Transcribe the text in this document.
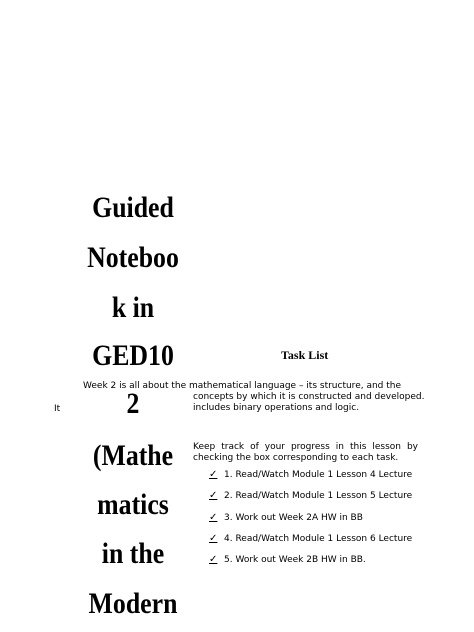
Guided
Noteboo
k in
GED10
2
(Mathe
matics
in the
Modern
It
Task List
Week 2 is all about the mathematical language – its structure, and the
concepts by which it is constructed and developed.
includes binary operations and logic.
Keep track of your progress in this lesson by checking the box corresponding to each task.
✓ 1. Read/Watch Module 1 Lesson 4 Lecture
✓ 2. Read/Watch Module 1 Lesson 5 Lecture
✓ 3. Work out Week 2A HW in BB
✓ 4. Read/Watch Module 1 Lesson 6 Lecture
✓ 5. Work out Week 2B HW in BB.
